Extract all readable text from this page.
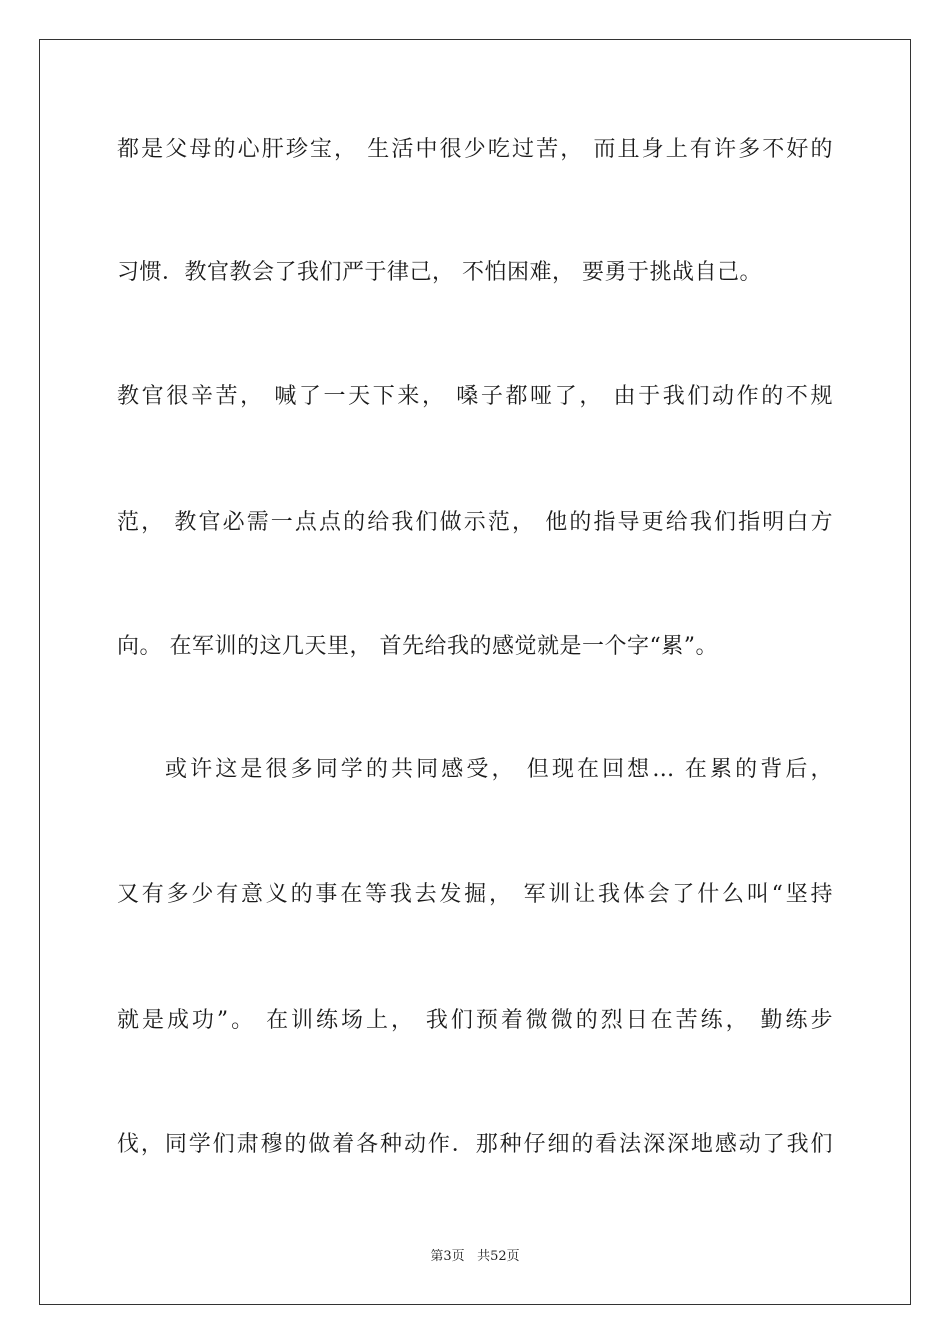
都是父母的心肝珍宝， 生活中很少吃过苦， 而且身上有许多不好的
习惯．教官教会了我们严于律己， 不怕困难， 要勇于挑战自己。
教官很辛苦， 喊了一天下来， 嗓子都哑了， 由于我们动作的不规
范， 教官必需一点点的给我们做示范， 他的指导更给我们指明白方
向。 在军训的这几天里， 首先给我的感觉就是一个字“累”。
或许这是很多同学的共同感受， 但现在回想… 在累的背后，
又有多少有意义的事在等我去发掘， 军训让我体会了什么叫“坚持
就是成功”。 在训练场上， 我们预着微微的烈日在苦练， 勤练步
伐，同学们肃穆的做着各种动作．那种仔细的看法深深地感动了我们
第3页 共52页
